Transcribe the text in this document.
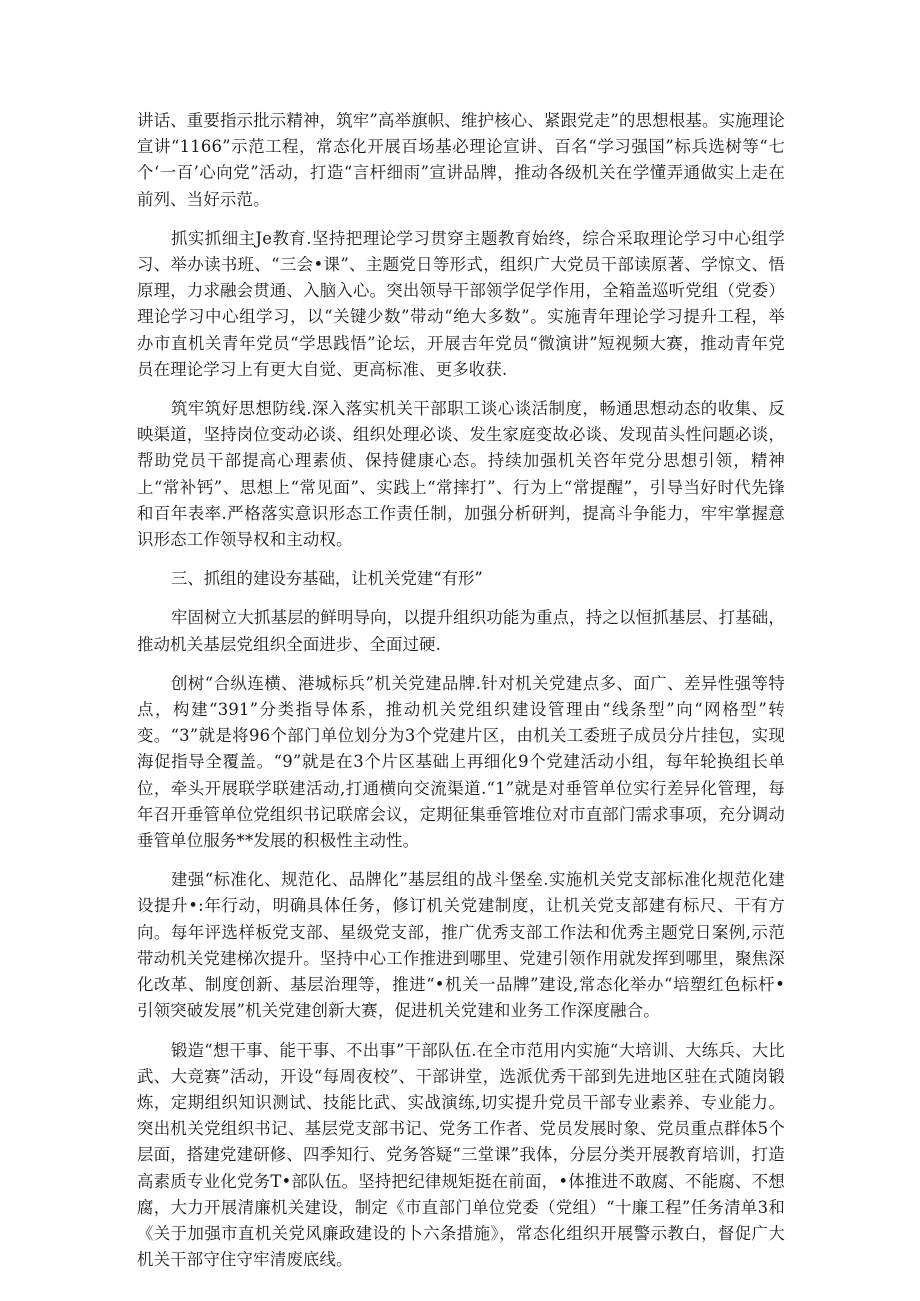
讲话、重要指示批示精神，筑牢”高举旗帜、维护核心、紧跟党走”的思想根基。实施理论宣讲“1166”示范工程，常态化开展百场基必理论宣讲、百名“学习强国”标兵选树等“七个‘一百’心向党”活动，打造“言杆细雨”宣讲品牌，推动各级机关在学懂弄通做实上走在前列、当好示范。

抓实抓细主Je教育.坚持把理论学习贯穿主题教育始终，综合采取理论学习中心组学习、举办读书班、“三会•课”、主题党日等形式，组织广大党员干部读原著、学惊文、悟原理，力求融会贯通、入脑入心。突出领导干部领学促学作用，全箱盖巡听党组（党委）理论学习中心组学习，以“关键少数”带动“绝大多数”。实施青年理论学习提升工程，举办市直机关青年党员“学思践悟”论坛，开展吉年党员“微演讲”短视频大赛，推动青年党员在理论学习上有更大自觉、更高标准、更多收获.

筑牢筑好思想防线.深入落实机关干部职工谈心谈活制度，畅通思想动态的收集、反映渠道，坚持岗位变动必谈、组织处理必谈、发生家庭变故必谈、发现苗头性问题必谈，帮助党员干部提高心理素侦、保持健康心态。持续加强机关咨年党分思想引领，精神上“常补钙”、思想上“常见面”、实践上“常摔打”、行为上“常提醒”，引导当好时代先锋和百年表率.严格落实意识形态工作责任制，加强分析研判，提高斗争能力，牢牢掌握意识形态工作领导权和主动权。

三、抓组的建设夯基础，让机关党建“有形”

牢固树立大抓基层的鲜明导向，以提升组织功能为重点，持之以恒抓基层、打基础，推动机关基层党组织全面进步、全面过硬.

创树“合纵连横、港城标兵”机关党建品牌.针对机关党建点多、面广、差异性强等特点，构建“391”分类指导体系，推动机关党组织建设管理由“线条型”向“网格型”转变。“3”就是将96个部门单位划分为3个党建片区，由机关工委班子成员分片挂包，实现海促指导全覆盖。“9”就是在3个片区基础上再细化9个党建活动小组，每年轮换组长单位，牵头开展联学联建活动,打通横向交流渠道.“1”就是对垂管单位实行差异化管理，每年召开垂管单位党组织书记联席会议，定期征集垂管堆位对市直部门需求事项，充分调动垂管单位服务**发展的积极性主动性。

建强“标准化、规范化、品牌化”基层组的战斗堡垒.实施机关党支部标准化规范化建设提升•:年行动，明确具体任务，修订机关党建制度，让机关党支部建有标尺、干有方向。每年评选样板党支部、星级党支部，推广优秀支部工作法和优秀主题党日案例,示范带动机关党建梯次提升。坚持中心工作推进到哪里、党建引领作用就发挥到哪里，聚焦深化改革、制度创新、基层治理等，推进“•机关一品牌”建设,常态化举办“培塑红色标杆•引领突破发展”机关党建创新大赛，促进机关党建和业务工作深度融合。

锻造“想干事、能干事、不出事”干部队伍.在全市范用内实施“大培训、大练兵、大比武、大竞赛”活动，开设“每周夜校”、干部讲堂，选派优秀干部到先进地区驻在式随岗锻炼，定期组织知识测试、技能比武、实战演练,切实提升党员干部专业素养、专业能力。突出机关党组织书记、基层党支部书记、党务工作者、党员发展时象、党员重点群体5个层面，搭建党建研修、四季知行、党务答疑“三堂课”我体，分层分类开展教育培训，打造高素质专业化党务T•部队伍。坚持把纪律规矩挺在前面，•体推进不敢腐、不能腐、不想腐，大力开展清廉机关建设，制定《市直部门单位党委（党组）“十廉工程”任务清单3和《关于加强市直机关党风廉政建设的卜六条措施》，常态化组织开展警示教白，督促广大机关干部守住守牢清废底线。
